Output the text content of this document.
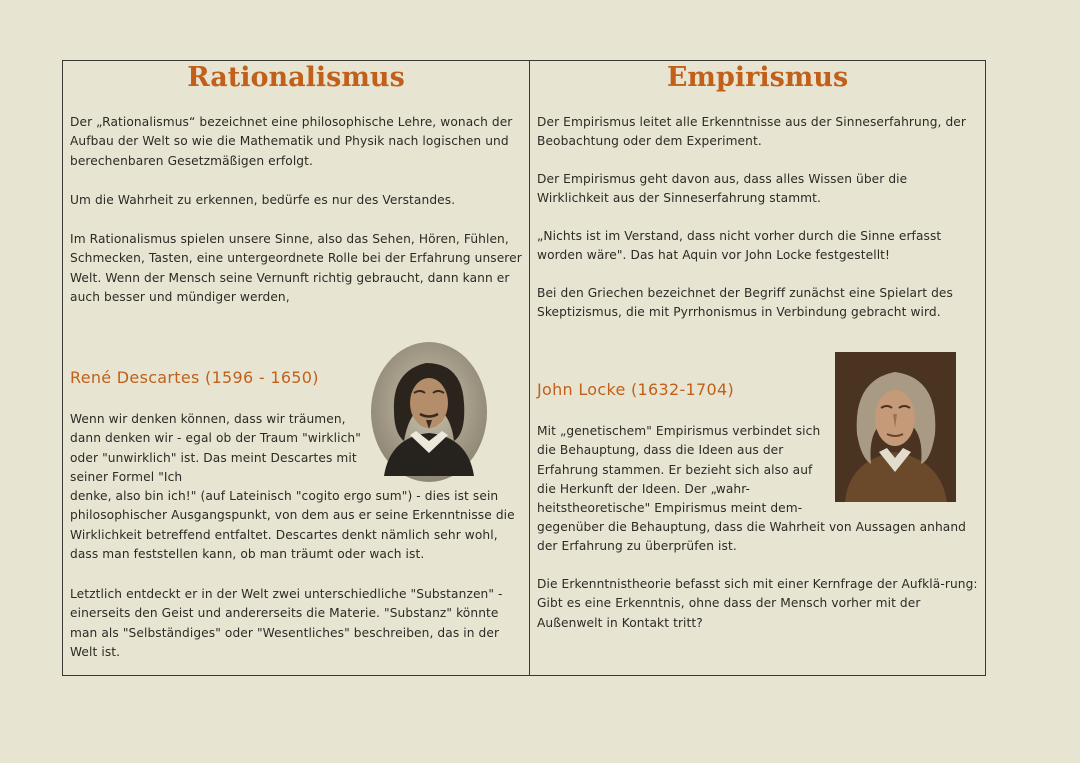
Rationalismus

Der „Rationalismus“ bezeichnet eine philosophische Lehre, wonach der Aufbau der Welt so wie die Mathematik und Physik nach logischen und berechenbaren Gesetzmäßigen erfolgt.

Um die Wahrheit zu erkennen, bedürfe es nur des Verstandes.

Im Rationalismus spielen unsere Sinne, also das Sehen, Hören, Fühlen, Schmecken, Tasten, eine untergeordnete Rolle bei der Erfahrung unserer Welt. Wenn der Mensch seine Vernunft richtig gebraucht, dann kann er auch besser und mündiger werden,

René Descartes (1596 - 1650)

Wenn wir denken können, dass wir träumen, dann denken wir - egal ob der Traum "wirklich" oder "unwirklich" ist. Das meint Descartes mit seiner Formel "Ich

denke, also bin ich!" (auf Lateinisch "cogito ergo sum") - dies ist sein philosophischer Ausgangspunkt, von dem aus er seine Erkenntnisse die Wirklichkeit betreffend entfaltet. Descartes denkt nämlich sehr wohl, dass man feststellen kann, ob man träumt oder wach ist.

Letztlich entdeckt er in der Welt zwei unterschiedliche "Substanzen" - einerseits den Geist und andererseits die Materie. "Substanz" könnte man als "Selbständiges" oder "Wesentliches" beschreiben, das in der Welt ist.

Empirismus

Der Empirismus leitet alle Erkenntnisse aus der Sinneserfahrung, der Beobachtung oder dem Experiment.

Der Empirismus geht davon aus, dass alles Wissen über die Wirklichkeit aus der Sinneserfahrung stammt.

„Nichts ist im Verstand, dass nicht vorher durch die Sinne erfasst worden wäre". Das hat Aquin vor John Locke festgestellt!

Bei den Griechen bezeichnet der Begriff zunächst eine Spielart des Skeptizismus, die mit Pyrrhonismus in Verbindung gebracht wird.

John Locke (1632-1704)

Mit „genetischem" Empirismus verbindet sich die Behauptung, dass die Ideen aus der Erfahrung stammen. Er bezieht sich also auf die Herkunft der Ideen. Der „wahr-heitstheoretische" Empirismus meint dem-

gegenüber die Behauptung, dass die Wahrheit von Aussagen anhand der Erfahrung zu überprüfen ist.

Die Erkenntnistheorie befasst sich mit einer Kernfrage der Aufklä-rung: Gibt es eine Erkenntnis, ohne dass der Mensch vorher mit der Außenwelt in Kontakt tritt?
